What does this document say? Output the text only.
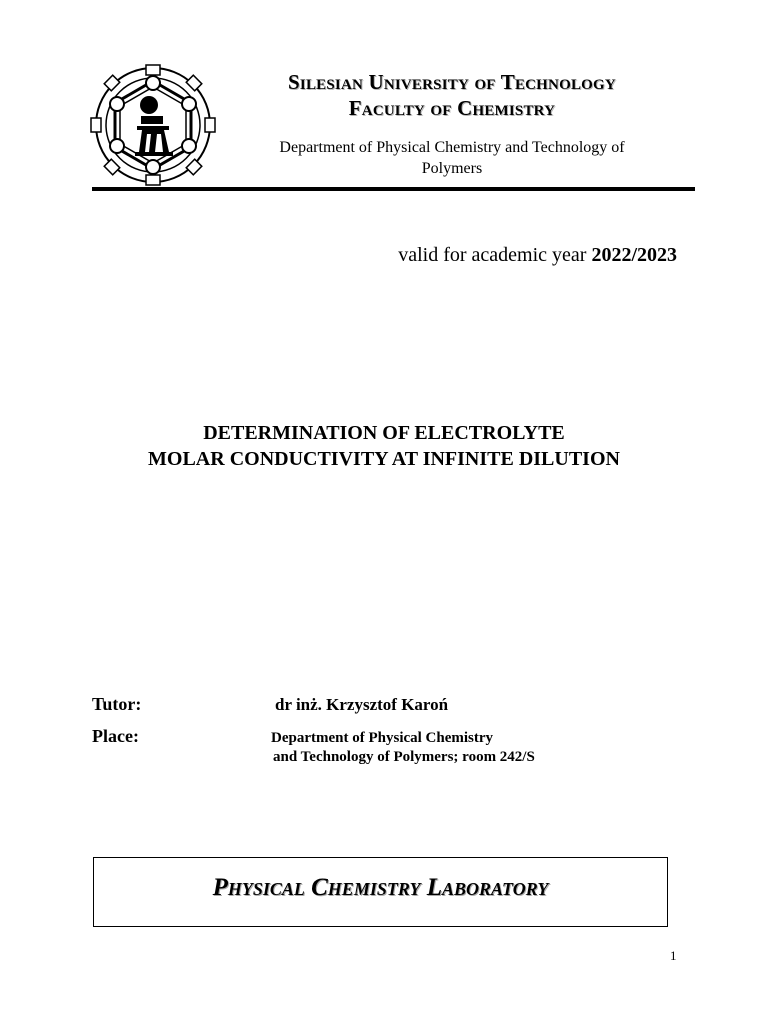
Silesian University of Technology
Faculty of Chemistry
Department of Physical Chemistry and Technology of
Polymers
valid for academic year 2022/2023
DETERMINATION OF ELECTROLYTE
MOLAR CONDUCTIVITY AT INFINITE DILUTION
Tutor:	dr inż. Krzysztof Karoń
Place:	Department of Physical Chemistry
and Technology of Polymers; room 242/S
Physical Chemistry Laboratory
1
